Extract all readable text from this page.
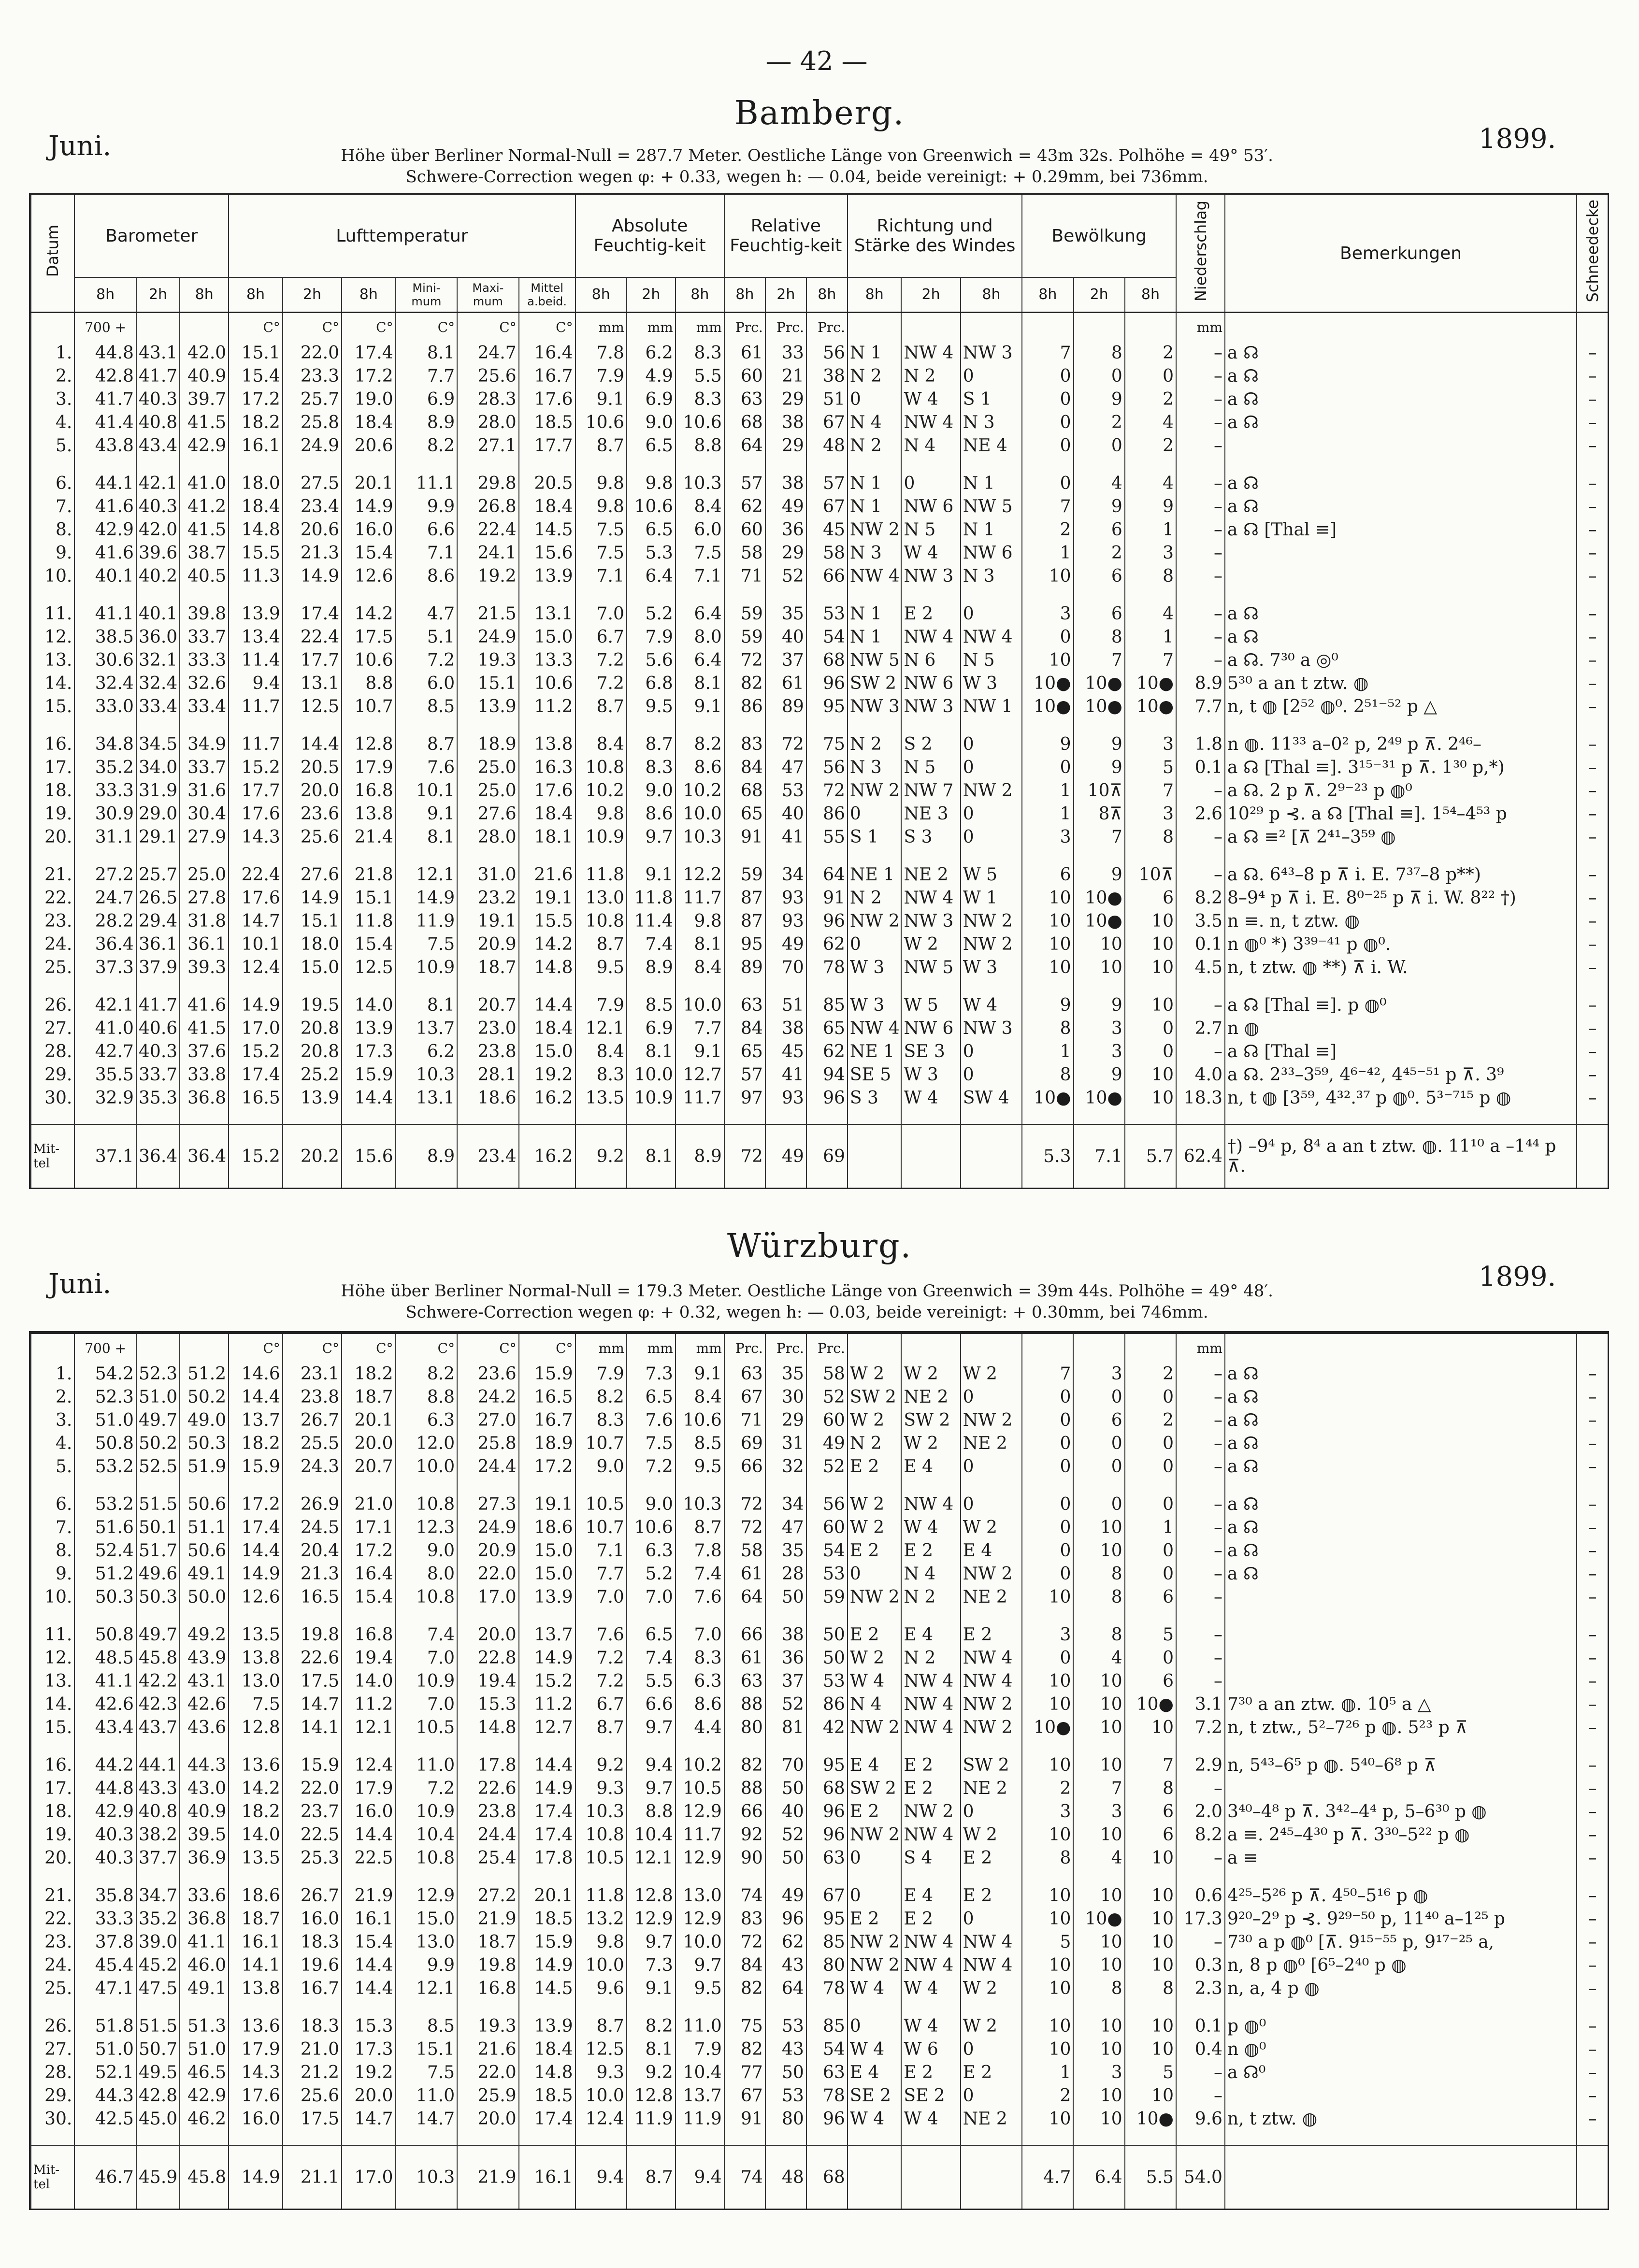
— 42 —
Bamberg.
Juni.	1899.
Höhe über Berliner Normal-Null = 287.7 Meter. Oestliche Länge von Greenwich = 43m 32s. Polhöhe = 49° 53′.
Schwere-Correction wegen φ: + 0.33, wegen h: — 0.04, beide vereinigt: + 0.29mm, bei 736mm.
Datum	Barometer			Lufttemperatur						Absolute Feuchtig-keit			Relative Feuchtig-keit			Richtung und Stärke des Windes			Bewölkung			Niederschlag	Bemerkungen	Schneedecke
	8h	2h	8h	8h	2h	8h	Mini-mum	Maxi-mum	Mittel a.beid.	8h	2h	8h	8h	2h	8h	8h	2h	8h	8h	2h	8h			
	700 +			C°	C°	C°	C°	C°	C°	mm	mm	mm	Prc.	Prc.	Prc.							mm		
1.	44.8	43.1	42.0	15.1	22.0	17.4	8.1	24.7	16.4	7.8	6.2	8.3	61	33	56	N 1	NW 4	NW 3	7	8	2	–	a ☊	–
2.	42.8	41.7	40.9	15.4	23.3	17.2	7.7	25.6	16.7	7.9	4.9	5.5	60	21	38	N 2	N 2	0	0	0	0	–	a ☊	–
3.	41.7	40.3	39.7	17.2	25.7	19.0	6.9	28.3	17.6	9.1	6.9	8.3	63	29	51	0	W 4	S 1	0	9	2	–	a ☊	–
4.	41.4	40.8	41.5	18.2	25.8	18.4	8.9	28.0	18.5	10.6	9.0	10.6	68	38	67	N 4	NW 4	N 3	0	2	4	–	a ☊	–
5.	43.8	43.4	42.9	16.1	24.9	20.6	8.2	27.1	17.7	8.7	6.5	8.8	64	29	48	N 2	N 4	NE 4	0	0	2	–		–

6.	44.1	42.1	41.0	18.0	27.5	20.1	11.1	29.8	20.5	9.8	9.8	10.3	57	38	57	N 1	0	N 1	0	4	4	–	a ☊	–
7.	41.6	40.3	41.2	18.4	23.4	14.9	9.9	26.8	18.4	9.8	10.6	8.4	62	49	67	N 1	NW 6	NW 5	7	9	9	–	a ☊	–
8.	42.9	42.0	41.5	14.8	20.6	16.0	6.6	22.4	14.5	7.5	6.5	6.0	60	36	45	NW 2	N 5	N 1	2	6	1	–	a ☊ [Thal ≡]	–
9.	41.6	39.6	38.7	15.5	21.3	15.4	7.1	24.1	15.6	7.5	5.3	7.5	58	29	58	N 3	W 4	NW 6	1	2	3	–		–
10.	40.1	40.2	40.5	11.3	14.9	12.6	8.6	19.2	13.9	7.1	6.4	7.1	71	52	66	NW 4	NW 3	N 3	10	6	8	–		–

11.	41.1	40.1	39.8	13.9	17.4	14.2	4.7	21.5	13.1	7.0	5.2	6.4	59	35	53	N 1	E 2	0	3	6	4	–	a ☊	–
12.	38.5	36.0	33.7	13.4	22.4	17.5	5.1	24.9	15.0	6.7	7.9	8.0	59	40	54	N 1	NW 4	NW 4	0	8	1	–	a ☊	–
13.	30.6	32.1	33.3	11.4	17.7	10.6	7.2	19.3	13.3	7.2	5.6	6.4	72	37	68	NW 5	N 6	N 5	10	7	7	–	a ☊. 7³⁰ a ◎⁰	–
14.	32.4	32.4	32.6	9.4	13.1	8.8	6.0	15.1	10.6	7.2	6.8	8.1	82	61	96	SW 2	NW 6	W 3	10●	10●	10●	8.9	5³⁰ a an t ztw. ◍	–
15.	33.0	33.4	33.4	11.7	12.5	10.7	8.5	13.9	11.2	8.7	9.5	9.1	86	89	95	NW 3	NW 3	NW 1	10●	10●	10●	7.7	n, t ◍ [2⁵² ◍⁰. 2⁵¹⁻⁵² p △	–

16.	34.8	34.5	34.9	11.7	14.4	12.8	8.7	18.9	13.8	8.4	8.7	8.2	83	72	75	N 2	S 2	0	9	9	3	1.8	n ◍. 11³³ a–0² p, 2⁴⁹ p ⊼. 2⁴⁶–	–
17.	35.2	34.0	33.7	15.2	20.5	17.9	7.6	25.0	16.3	10.8	8.3	8.6	84	47	56	N 3	N 5	0	0	9	5	0.1	a ☊ [Thal ≡]. 3¹⁵⁻³¹ p ⊼. 1³⁰ p,*)	–
18.	33.3	31.9	31.6	17.7	20.0	16.8	10.1	25.0	17.6	10.2	9.0	10.2	68	53	72	NW 2	NW 7	NW 2	1	10⊼	7	–	a ☊. 2 p ⊼. 2⁹⁻²³ p ◍⁰	–
19.	30.9	29.0	30.4	17.6	23.6	13.8	9.1	27.6	18.4	9.8	8.6	10.0	65	40	86	0	NE 3	0	1	8⊼	3	2.6	10²⁹ p ⊰. a ☊ [Thal ≡]. 1⁵⁴–4⁵³ p	–
20.	31.1	29.1	27.9	14.3	25.6	21.4	8.1	28.0	18.1	10.9	9.7	10.3	91	41	55	S 1	S 3	0	3	7	8	–	a ☊ ≡² [⊼ 2⁴¹–3⁵⁹ ◍	–

21.	27.2	25.7	25.0	22.4	27.6	21.8	12.1	31.0	21.6	11.8	9.1	12.2	59	34	64	NE 1	NE 2	W 5	6	9	10⊼	–	a ☊. 6⁴³–8 p ⊼ i. E. 7³⁷–8 p**)	–
22.	24.7	26.5	27.8	17.6	14.9	15.1	14.9	23.2	19.1	13.0	11.8	11.7	87	93	91	N 2	NW 4	W 1	10	10●	6	8.2	8–9⁴ p ⊼ i. E. 8⁰⁻²⁵ p ⊼ i. W. 8²² †)	–
23.	28.2	29.4	31.8	14.7	15.1	11.8	11.9	19.1	15.5	10.8	11.4	9.8	87	93	96	NW 2	NW 3	NW 2	10	10●	10	3.5	n ≡. n, t ztw. ◍	–
24.	36.4	36.1	36.1	10.1	18.0	15.4	7.5	20.9	14.2	8.7	7.4	8.1	95	49	62	0	W 2	NW 2	10	10	10	0.1	n ◍⁰ *) 3³⁹⁻⁴¹ p ◍⁰.	–
25.	37.3	37.9	39.3	12.4	15.0	12.5	10.9	18.7	14.8	9.5	8.9	8.4	89	70	78	W 3	NW 5	W 3	10	10	10	4.5	n, t ztw. ◍ **) ⊼ i. W.	–

26.	42.1	41.7	41.6	14.9	19.5	14.0	8.1	20.7	14.4	7.9	8.5	10.0	63	51	85	W 3	W 5	W 4	9	9	10	–	a ☊ [Thal ≡]. p ◍⁰	–
27.	41.0	40.6	41.5	17.0	20.8	13.9	13.7	23.0	18.4	12.1	6.9	7.7	84	38	65	NW 4	NW 6	NW 3	8	3	0	2.7	n ◍	–
28.	42.7	40.3	37.6	15.2	20.8	17.3	6.2	23.8	15.0	8.4	8.1	9.1	65	45	62	NE 1	SE 3	0	1	3	0	–	a ☊ [Thal ≡]	–
29.	35.5	33.7	33.8	17.4	25.2	15.9	10.3	28.1	19.2	8.3	10.0	12.7	57	41	94	SE 5	W 3	0	8	9	10	4.0	a ☊. 2³³–3⁵⁹, 4⁶⁻⁴², 4⁴⁵⁻⁵¹ p ⊼. 3⁹	–
30.	32.9	35.3	36.8	16.5	13.9	14.4	13.1	18.6	16.2	13.5	10.9	11.7	97	93	96	S 3	W 4	SW 4	10●	10●	10	18.3	n, t ◍ [3⁵⁹, 4³².³⁷ p ◍⁰. 5³⁻⁷¹⁵ p ◍	–

Mit-tel	37.1	36.4	36.4	15.2	20.2	15.6	8.9	23.4	16.2	9.2	8.1	8.9	72	49	69				5.3	7.1	5.7	62.4	†) –9⁴ p, 8⁴ a an t ztw. ◍. 11¹⁰ a –1⁴⁴ p ⊼.	
Würzburg.
Juni.	1899.
Höhe über Berliner Normal-Null = 179.3 Meter. Oestliche Länge von Greenwich = 39m 44s. Polhöhe = 49° 48′.
Schwere-Correction wegen φ: + 0.32, wegen h: — 0.03, beide vereinigt: + 0.30mm, bei 746mm.
	700 +			C°	C°	C°	C°	C°	C°	mm	mm	mm	Prc.	Prc.	Prc.							mm		
1.	54.2	52.3	51.2	14.6	23.1	18.2	8.2	23.6	15.9	7.9	7.3	9.1	63	35	58	W 2	W 2	W 2	7	3	2	–	a ☊	–
2.	52.3	51.0	50.2	14.4	23.8	18.7	8.8	24.2	16.5	8.2	6.5	8.4	67	30	52	SW 2	NE 2	0	0	0	0	–	a ☊	–
3.	51.0	49.7	49.0	13.7	26.7	20.1	6.3	27.0	16.7	8.3	7.6	10.6	71	29	60	W 2	SW 2	NW 2	0	6	2	–	a ☊	–
4.	50.8	50.2	50.3	18.2	25.5	20.0	12.0	25.8	18.9	10.7	7.5	8.5	69	31	49	N 2	W 2	NE 2	0	0	0	–	a ☊	–
5.	53.2	52.5	51.9	15.9	24.3	20.7	10.0	24.4	17.2	9.0	7.2	9.5	66	32	52	E 2	E 4	0	0	0	0	–	a ☊	–

6.	53.2	51.5	50.6	17.2	26.9	21.0	10.8	27.3	19.1	10.5	9.0	10.3	72	34	56	W 2	NW 4	0	0	0	0	–	a ☊	–
7.	51.6	50.1	51.1	17.4	24.5	17.1	12.3	24.9	18.6	10.7	10.6	8.7	72	47	60	W 2	W 4	W 2	0	10	1	–	a ☊	–
8.	52.4	51.7	50.6	14.4	20.4	17.2	9.0	20.9	15.0	7.1	6.3	7.8	58	35	54	E 2	E 2	E 4	0	10	0	–	a ☊	–
9.	51.2	49.6	49.1	14.9	21.3	16.4	8.0	22.0	15.0	7.7	5.2	7.4	61	28	53	0	N 4	NW 2	0	8	0	–	a ☊	–
10.	50.3	50.3	50.0	12.6	16.5	15.4	10.8	17.0	13.9	7.0	7.0	7.6	64	50	59	NW 2	N 2	NE 2	10	8	6	–		–

11.	50.8	49.7	49.2	13.5	19.8	16.8	7.4	20.0	13.7	7.6	6.5	7.0	66	38	50	E 2	E 4	E 2	3	8	5	–		–
12.	48.5	45.8	43.9	13.8	22.6	19.4	7.0	22.8	14.9	7.2	7.4	8.3	61	36	50	W 2	N 2	NW 4	0	4	0	–		–
13.	41.1	42.2	43.1	13.0	17.5	14.0	10.9	19.4	15.2	7.2	5.5	6.3	63	37	53	W 4	NW 4	NW 4	10	10	6	–		–
14.	42.6	42.3	42.6	7.5	14.7	11.2	7.0	15.3	11.2	6.7	6.6	8.6	88	52	86	N 4	NW 4	NW 2	10	10	10●	3.1	7³⁰ a an ztw. ◍. 10⁵ a △	–
15.	43.4	43.7	43.6	12.8	14.1	12.1	10.5	14.8	12.7	8.7	9.7	4.4	80	81	42	NW 2	NW 4	NW 2	10●	10	10	7.2	n, t ztw., 5²–7²⁶ p ◍. 5²³ p ⊼	–

16.	44.2	44.1	44.3	13.6	15.9	12.4	11.0	17.8	14.4	9.2	9.4	10.2	82	70	95	E 4	E 2	SW 2	10	10	7	2.9	n, 5⁴³–6⁵ p ◍. 5⁴⁰–6⁸ p ⊼	–
17.	44.8	43.3	43.0	14.2	22.0	17.9	7.2	22.6	14.9	9.3	9.7	10.5	88	50	68	SW 2	E 2	NE 2	2	7	8	–		–
18.	42.9	40.8	40.9	18.2	23.7	16.0	10.9	23.8	17.4	10.3	8.8	12.9	66	40	96	E 2	NW 2	0	3	3	6	2.0	3⁴⁰–4⁸ p ⊼. 3⁴²–4⁴ p, 5–6³⁰ p ◍	–
19.	40.3	38.2	39.5	14.0	22.5	14.4	10.4	24.4	17.4	10.8	10.4	11.7	92	52	96	NW 2	NW 4	W 2	10	10	6	8.2	a ≡. 2⁴⁵–4³⁰ p ⊼. 3³⁰–5²² p ◍	–
20.	40.3	37.7	36.9	13.5	25.3	22.5	10.8	25.4	17.8	10.5	12.1	12.9	90	50	63	0	S 4	E 2	8	4	10	–	a ≡	–

21.	35.8	34.7	33.6	18.6	26.7	21.9	12.9	27.2	20.1	11.8	12.8	13.0	74	49	67	0	E 4	E 2	10	10	10	0.6	4²⁵–5²⁶ p ⊼. 4⁵⁰–5¹⁶ p ◍	–
22.	33.3	35.2	36.8	18.7	16.0	16.1	15.0	21.9	18.5	13.2	12.9	12.9	83	96	95	E 2	E 2	0	10	10●	10	17.3	9²⁰–2⁹ p ⊰. 9²⁹⁻⁵⁰ p, 11⁴⁰ a–1²⁵ p	–
23.	37.8	39.0	41.1	16.1	18.3	15.4	13.0	18.7	15.9	9.8	9.7	10.0	72	62	85	NW 2	NW 4	NW 4	5	10	10	–	7³⁰ a p ◍⁰ [⊼. 9¹⁵⁻⁵⁵ p, 9¹⁷⁻²⁵ a,	–
24.	45.4	45.2	46.0	14.1	19.6	14.4	9.9	19.8	14.9	10.0	7.3	9.7	84	43	80	NW 2	NW 4	NW 4	10	10	10	0.3	n, 8 p ◍⁰ [6⁵–2⁴⁰ p ◍	–
25.	47.1	47.5	49.1	13.8	16.7	14.4	12.1	16.8	14.5	9.6	9.1	9.5	82	64	78	W 4	W 4	W 2	10	8	8	2.3	n, a, 4 p ◍	–

26.	51.8	51.5	51.3	13.6	18.3	15.3	8.5	19.3	13.9	8.7	8.2	11.0	75	53	85	0	W 4	W 2	10	10	10	0.1	p ◍⁰	–
27.	51.0	50.7	51.0	17.9	21.0	17.3	15.1	21.6	18.4	12.5	8.1	7.9	82	43	54	W 4	W 6	0	10	10	10	0.4	n ◍⁰	–
28.	52.1	49.5	46.5	14.3	21.2	19.2	7.5	22.0	14.8	9.3	9.2	10.4	77	50	63	E 4	E 2	E 2	1	3	5	–	a ☊⁰	–
29.	44.3	42.8	42.9	17.6	25.6	20.0	11.0	25.9	18.5	10.0	12.8	13.7	67	53	78	SE 2	SE 2	0	2	10	10	–		–
30.	42.5	45.0	46.2	16.0	17.5	14.7	14.7	20.0	17.4	12.4	11.9	11.9	91	80	96	W 4	W 4	NE 2	10	10	10●	9.6	n, t ztw. ◍	–

Mit-tel	46.7	45.9	45.8	14.9	21.1	17.0	10.3	21.9	16.1	9.4	8.7	9.4	74	48	68				4.7	6.4	5.5	54.0		
